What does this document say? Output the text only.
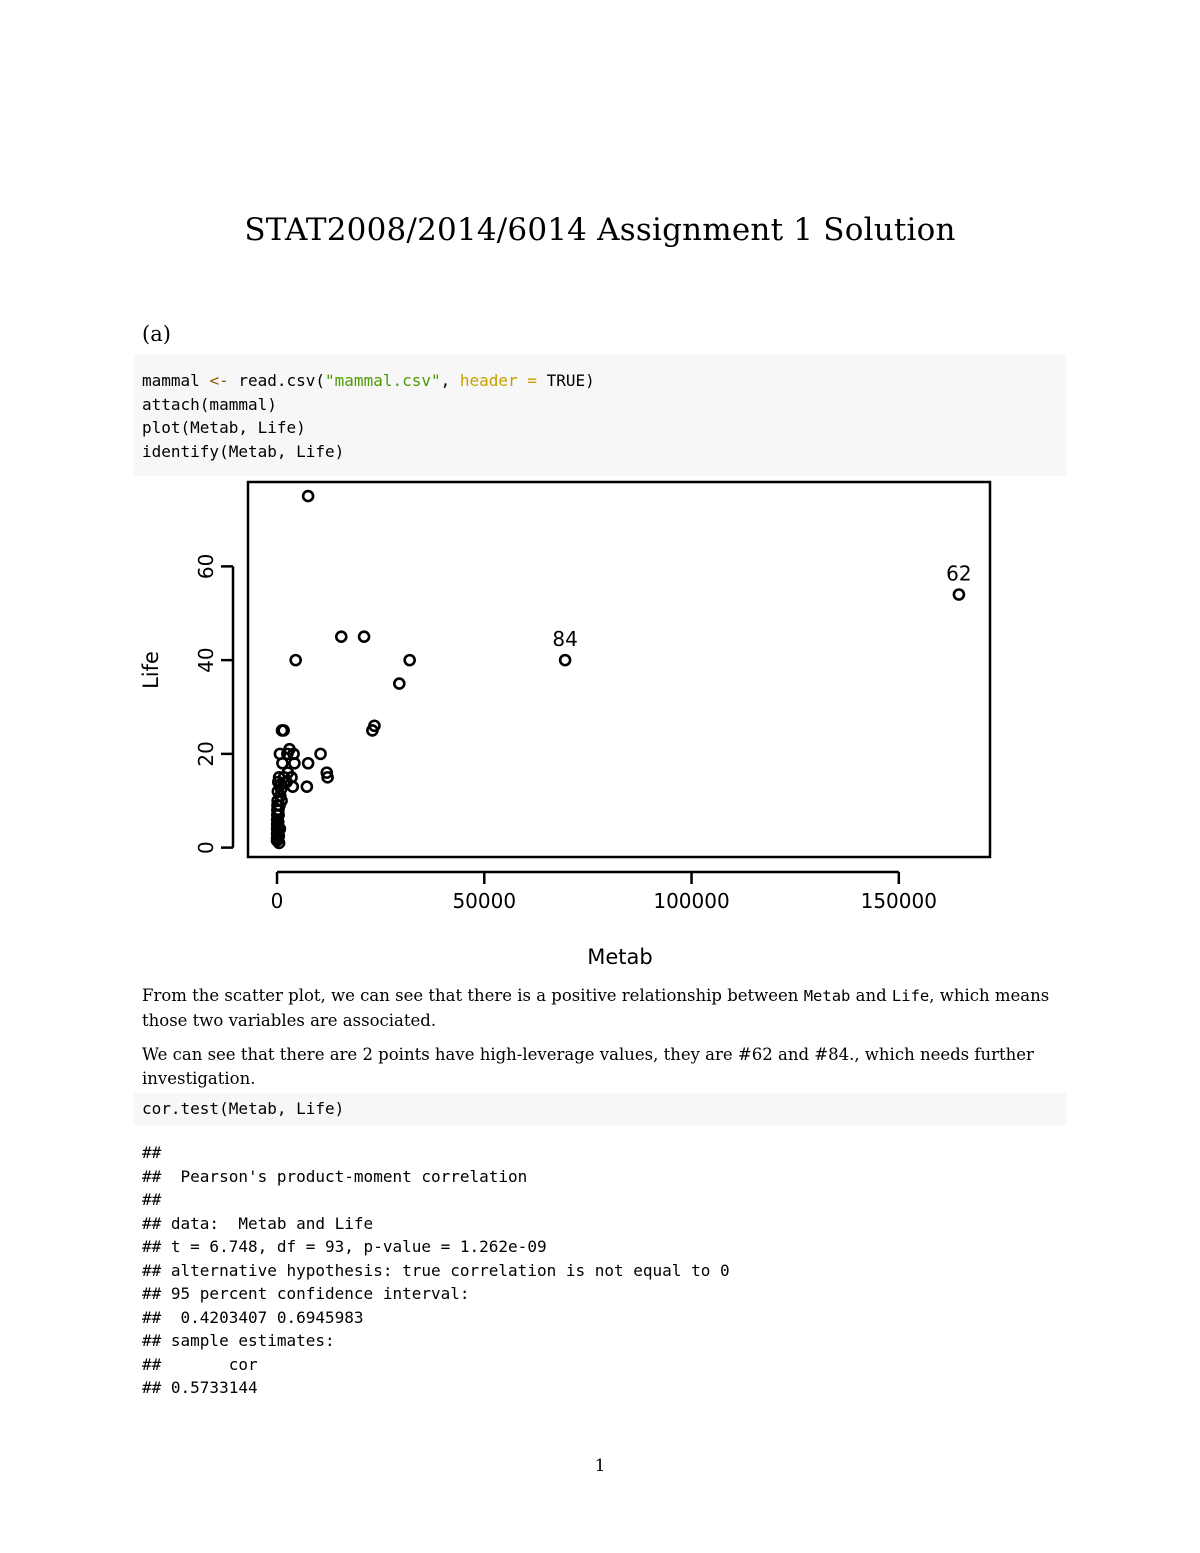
STAT2008/2014/6014 Assignment 1 Solution
(a)
mammal <- read.csv("mammal.csv", header = TRUE)
attach(mammal)
plot(Metab, Life)
identify(Metab, Life)
0	50000	100000	150000
0
20
40
60	62
84
Metab
Life
From the scatter plot, we can see that there is a positive relationship between Metab and Life, which means those two variables are associated.
We can see that there are 2 points have high-leverage values, they are #62 and #84., which needs further investigation.
cor.test(Metab, Life)
##
##  Pearson's product-moment correlation
##
## data:  Metab and Life
## t = 6.748, df = 93, p-value = 1.262e-09
## alternative hypothesis: true correlation is not equal to 0
## 95 percent confidence interval:
##  0.4203407 0.6945983
## sample estimates:
##       cor
## 0.5733144
1
